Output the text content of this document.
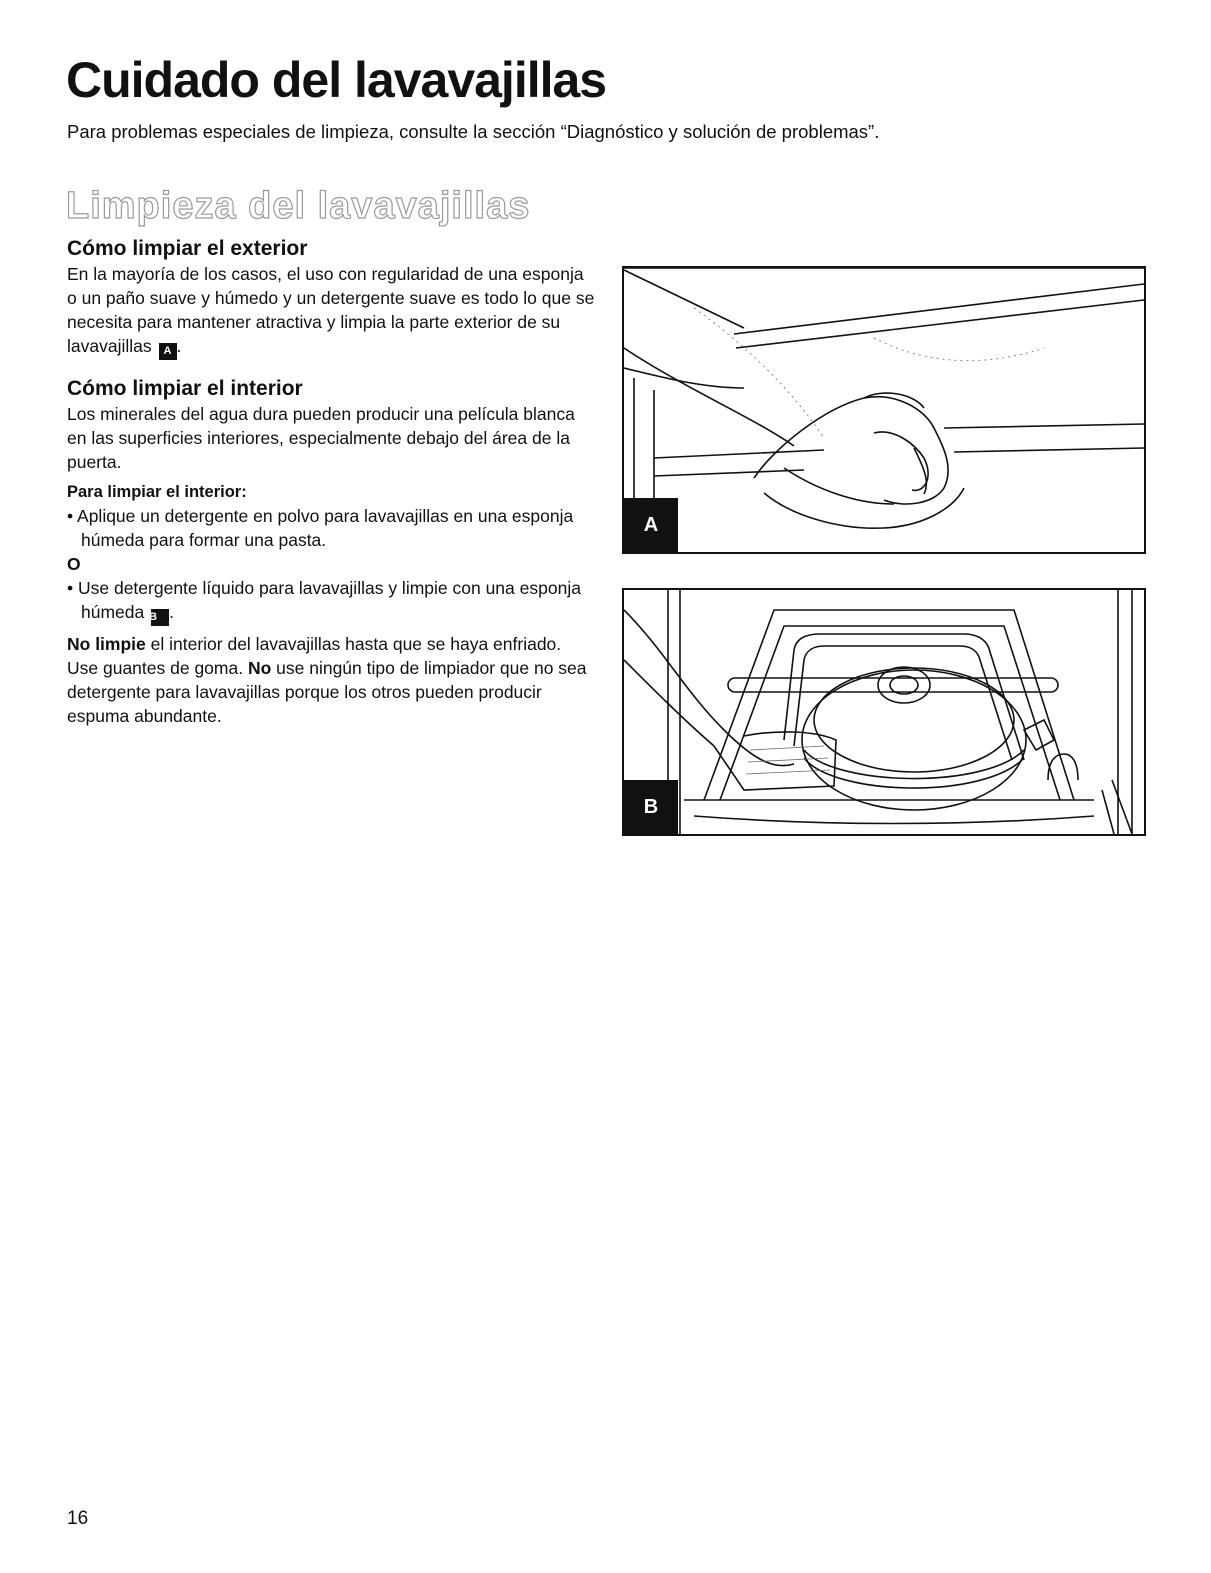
Cuidado del lavavajillas

Para problemas especiales de limpieza, consulte la sección “Diagnóstico y solución de problemas”.

Limpieza del lavavajillas
Cómo limpiar el exterior

En la mayoría de los casos, el uso con regularidad de una esponja o un paño suave y húmedo y un detergente suave es todo lo que se necesita para mantener atractiva y limpia la parte exterior de su lavavajillas A .

Cómo limpiar el interior

Los minerales del agua dura pueden producir una película blanca en las superficies interiores, especialmente debajo del área de la puerta.

Para limpiar el interior:

• Aplique un detergente en polvo para lavavajillas en una esponja húmeda para formar una pasta.

O

• Use detergente líquido para lavavajillas y limpie con una esponja húmeda B .

No limpie el interior del lavavajillas hasta que se haya enfriado. Use guantes de goma. No use ningún tipo de limpiador que no sea detergente para lavavajillas porque los otros pueden producir espuma abundante.

A
B

16
